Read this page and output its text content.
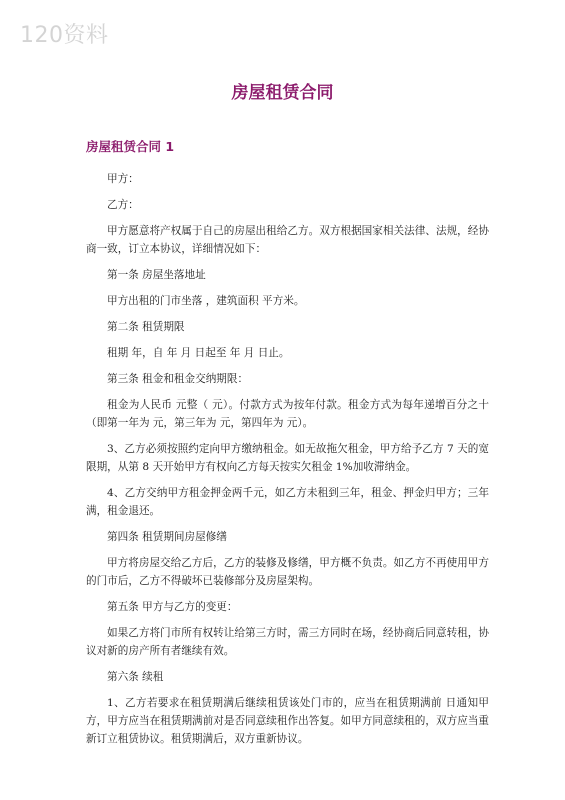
120资料
房屋租赁合同
房屋租赁合同 1

甲方：

乙方：

甲方愿意将产权属于自己的房屋出租给乙方。双方根据国家相关法律、法规，经协商一致，订立本协议，详细情况如下：

第一条 房屋坐落地址

甲方出租的门市坐落 ，建筑面积 平方米。

第二条 租赁期限

租期 年，自 年 月 日起至 年 月 日止。

第三条 租金和租金交纳期限：

租金为人民币 元整（ 元）。付款方式为按年付款。租金方式为每年递增百分之十（即第一年为 元，第三年为 元，第四年为 元）。

3、乙方必须按照约定向甲方缴纳租金。如无故拖欠租金，甲方给予乙方 7 天的宽限期，从第 8 天开始甲方有权向乙方每天按实欠租金 1%加收滞纳金。

4、乙方交纳甲方租金押金两千元，如乙方未租到三年，租金、押金归甲方；三年满，租金退还。

第四条 租赁期间房屋修缮

甲方将房屋交给乙方后，乙方的装修及修缮，甲方概不负责。如乙方不再使用甲方的门市后，乙方不得破坏已装修部分及房屋架构。

第五条 甲方与乙方的变更：

如果乙方将门市所有权转让给第三方时，需三方同时在场，经协商后同意转租，协议对新的房产所有者继续有效。

第六条 续租

1、乙方若要求在租赁期满后继续租赁该处门市的，应当在租赁期满前 日通知甲方，甲方应当在租赁期满前对是否同意续租作出答复。如甲方同意续租的，双方应当重新订立租赁协议。租赁期满后，双方重新协议。
